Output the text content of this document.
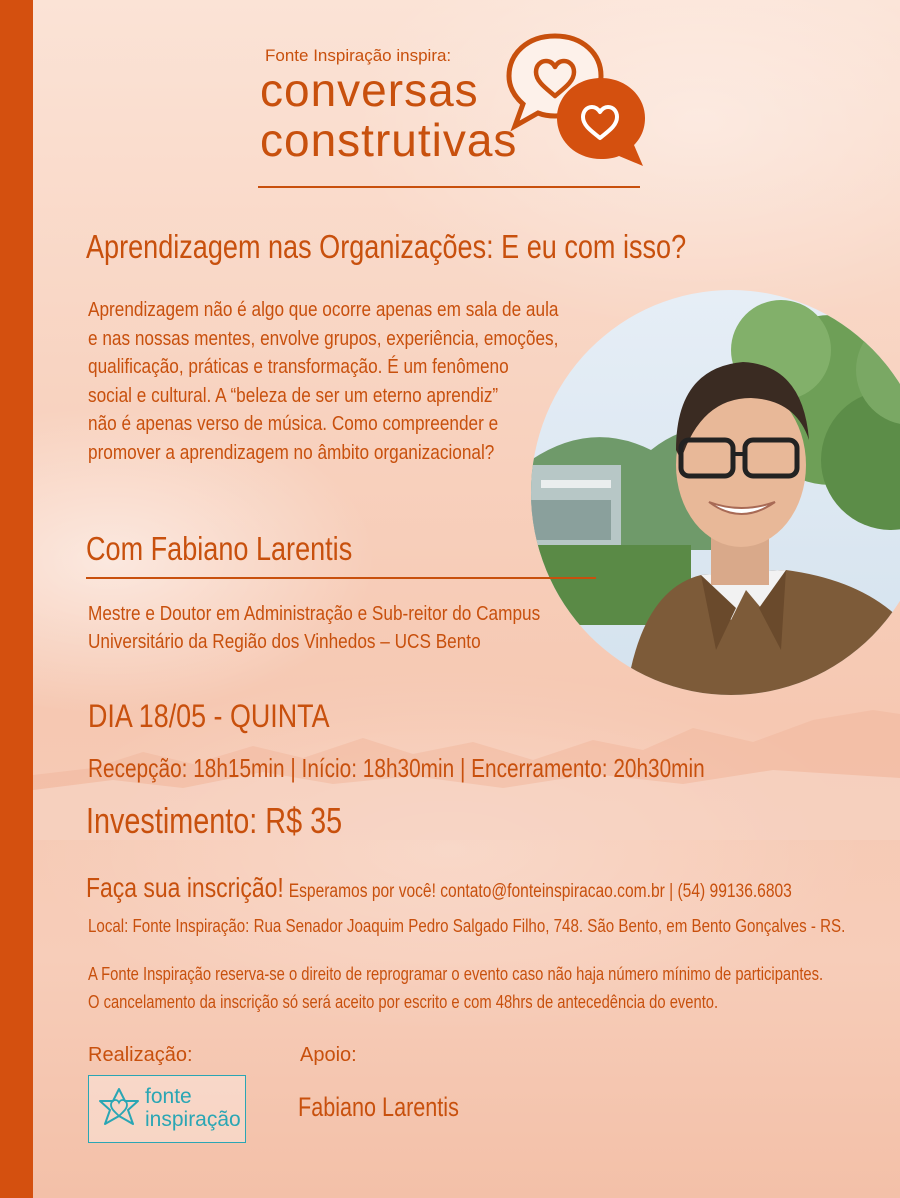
Fonte Inspiração inspira:

conversas

construtivas

Aprendizagem nas Organizações: E eu com isso?
Aprendizagem não é algo que ocorre apenas em sala de aula
e nas nossas mentes, envolve grupos, experiência, emoções,
qualificação, práticas e transformação. É um fenômeno
social e cultural. A “beleza de ser um eterno aprendiz”
não é apenas verso de música. Como compreender e
promover a aprendizagem no âmbito organizacional?
Com Fabiano Larentis
Mestre e Doutor em Administração e Sub-reitor do Campus
Universitário da Região dos Vinhedos – UCS Bento

DIA 18/05 - QUINTA

Recepção: 18h15min | Início: 18h30min | Encerramento: 20h30min

Investimento: R$ 35

Faça sua inscrição! Esperamos por você! contato@fonteinspiracao.com.br | (54) 99136.6803

Local: Fonte Inspiração: Rua Senador Joaquim Pedro Salgado Filho, 748. São Bento, em Bento Gonçalves - RS.

A Fonte Inspiração reserva-se o direito de reprogramar o evento caso não haja número mínimo de participantes.
O cancelamento da inscrição só será aceito por escrito e com 48hrs de antecedência do evento.

Realização:	Apoio:

fonte
inspiração Fabiano Larentis
